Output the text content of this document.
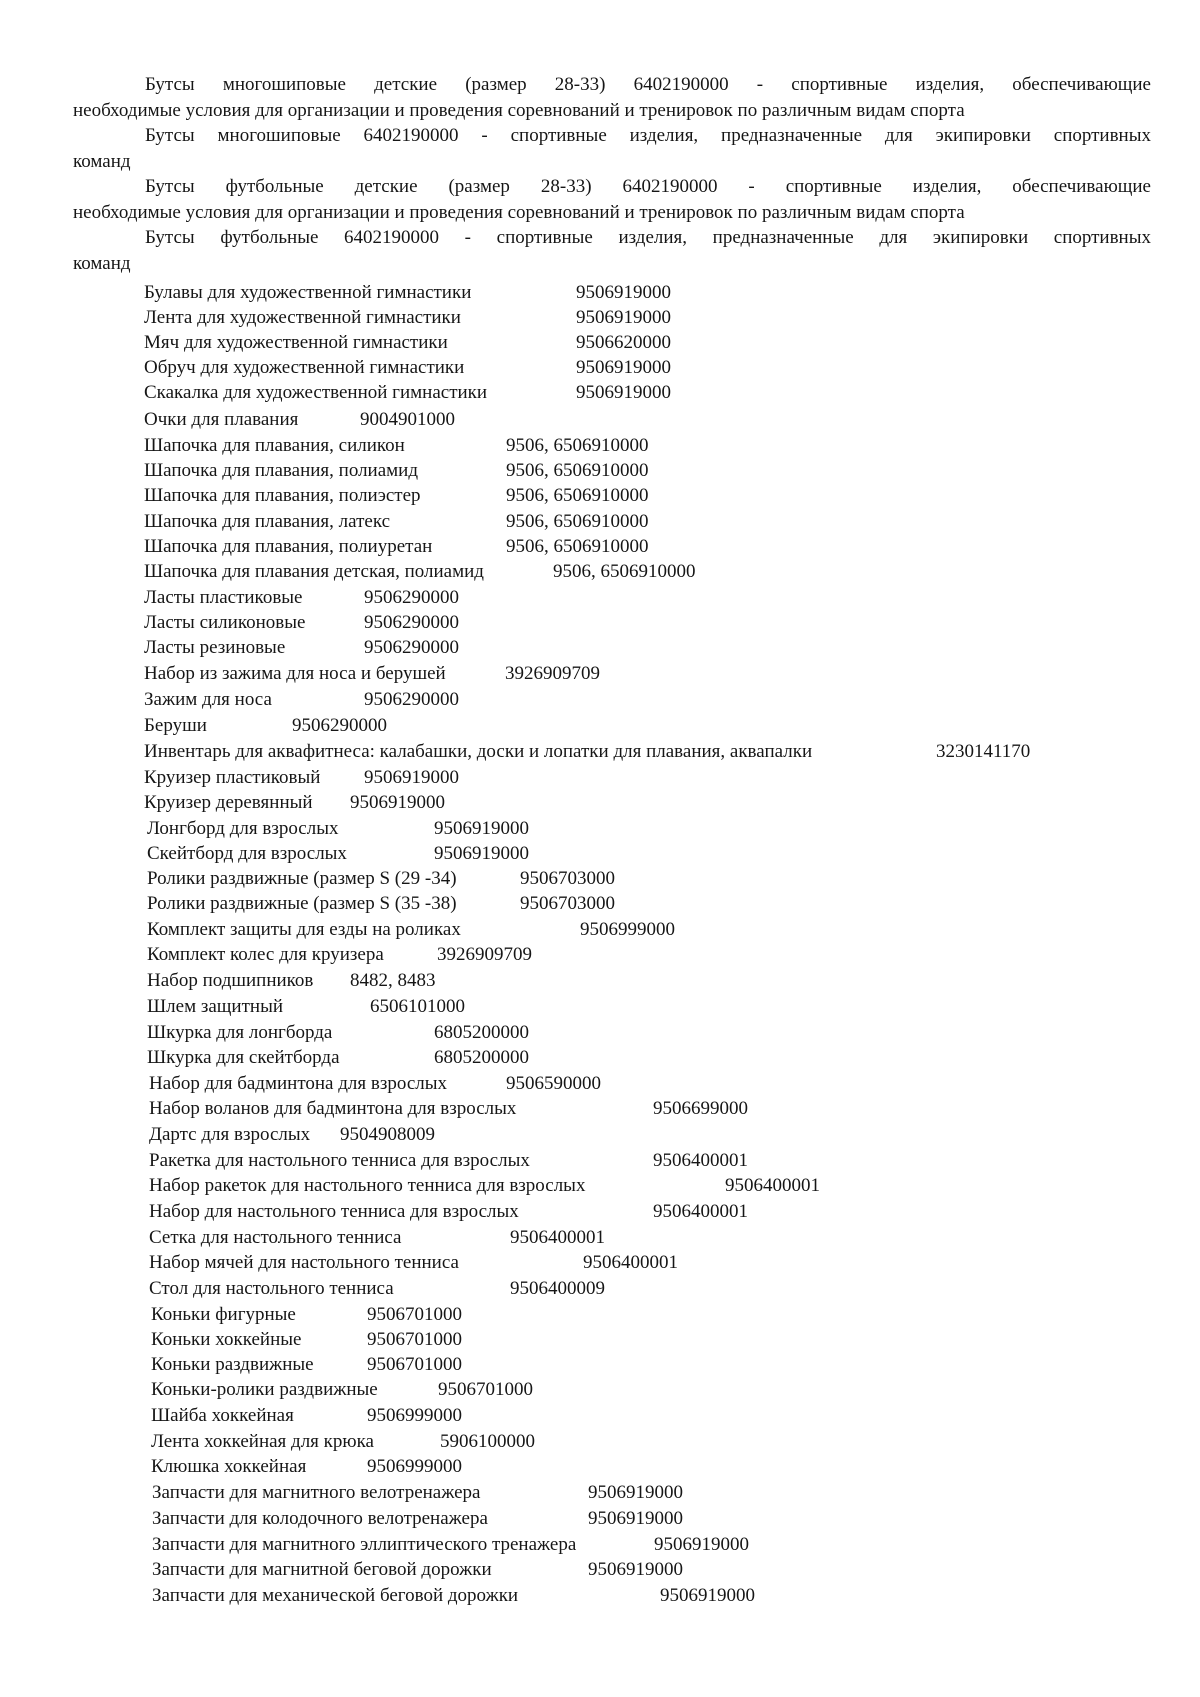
Бутсы многошиповые детские (размер 28-33) 6402190000 - спортивные изделия, обеспечивающие
необходимые условия для организации и проведения соревнований и тренировок по различным видам спорта
Бутсы многошиповые 6402190000 - спортивные изделия, предназначенные для экипировки спортивных
команд
Бутсы футбольные детские (размер 28-33) 6402190000 - спортивные изделия, обеспечивающие
необходимые условия для организации и проведения соревнований и тренировок по различным видам спорта
Бутсы футбольные 6402190000 - спортивные изделия, предназначенные для экипировки спортивных
команд
Булавы для художественной гимнастики	9506919000
Лента для художественной гимнастики	9506919000
Мяч для художественной гимнастики	9506620000
Обруч для художественной гимнастики	9506919000
Скакалка для художественной гимнастики	9506919000
Очки для плавания	9004901000
Шапочка для плавания, силикон	9506, 6506910000
Шапочка для плавания, полиамид	9506, 6506910000
Шапочка для плавания, полиэстер	9506, 6506910000
Шапочка для плавания, латекс	9506, 6506910000
Шапочка для плавания, полиуретан	9506, 6506910000
Шапочка для плавания детская, полиамид	9506, 6506910000
Ласты пластиковые	9506290000
Ласты силиконовые	9506290000
Ласты резиновые	9506290000
Набор из зажима для носа и берушей	3926909709
Зажим для носа	9506290000
Беруши	9506290000
Инвентарь для аквафитнеса: калабашки, доски и лопатки для плавания, аквапалки	3230141170
Круизер пластиковый 9506919000
Круизер деревянный 9506919000
Лонгборд для взрослых	9506919000
Скейтборд для взрослых	9506919000
Ролики раздвижные (размер S (29 -34)	9506703000
Ролики раздвижные (размер S (35 -38)	9506703000
Комплект защиты для езды на роликах	9506999000
Комплект колес для круизера	3926909709
Набор подшипников 8482, 8483
Шлем защитный	6506101000
Шкурка для лонгборда	6805200000
Шкурка для скейтборда	6805200000
Набор для бадминтона для взрослых	9506590000
Набор воланов для бадминтона для взрослых	9506699000
Дартс для взрослых 9504908009
Ракетка для настольного тенниса для взрослых	9506400001
Набор ракеток для настольного тенниса для взрослых	9506400001
Набор для настольного тенниса для взрослых	9506400001
Сетка для настольного тенниса	9506400001
Набор мячей для настольного тенниса	9506400001
Стол для настольного тенниса	9506400009
Коньки фигурные	9506701000
Коньки хоккейные	9506701000
Коньки раздвижные	9506701000
Коньки-ролики раздвижные	9506701000
Шайба хоккейная	9506999000
Лента хоккейная для крюка	5906100000
Клюшка хоккейная	9506999000
Запчасти для магнитного велотренажера	9506919000
Запчасти для колодочного велотренажера	9506919000
Запчасти для магнитного эллиптического тренажера	9506919000
Запчасти для магнитной беговой дорожки	9506919000
Запчасти для механической беговой дорожки	9506919000
